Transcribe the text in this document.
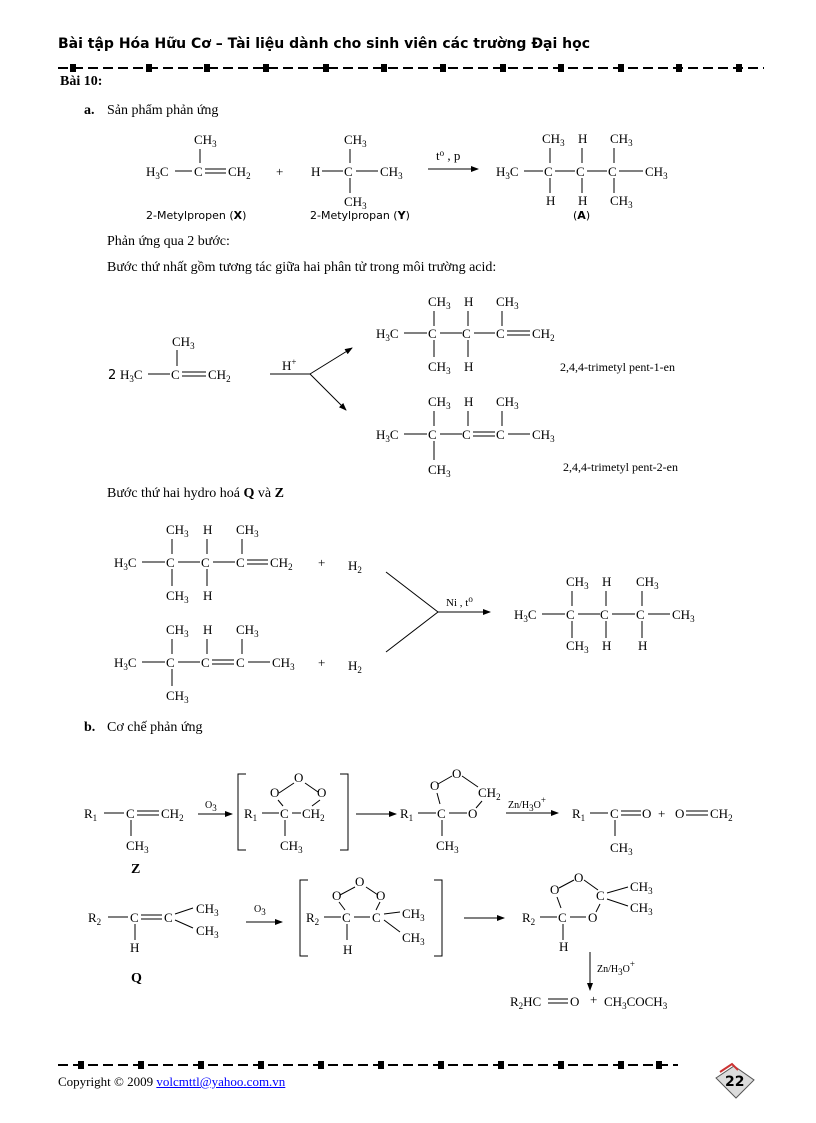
Bài tập Hóa Hữu Cơ – Tài liệu dành cho sinh viên các trường Đại học
Bài 10:
a. Sản phẩm phản ứng
2-Metylpropen (X)	2-Metylpropan (Y)	(A)
Phản ứng qua 2 bước:
Bước thứ nhất gồm tương tác giữa hai phân tử trong môi trường acid:
2,4,4-trimetyl pent-1-en
2,4,4-trimetyl pent-2-en
Bước thứ hai hydro hoá Q và Z
b. Cơ chế phản ứng
Z
Q
$CH_3$
$H_3C$ C $CH_2$ +
$CH_3$
H C $CH_3$
$CH_3$
$t^o$ , p
$H_3C$ C C C $CH_3$
$CH_3$ H $CH_3$
H H $CH_3$
$CH_3$
2 $H_3C$ C $CH_2$
H+
$CH_3$ H $CH_3$
$H_3C$ C C C $CH_2$
$CH_3$ H
$CH_3$ H $CH_3$
$H_3C$ C C C $CH_3$
$CH_3$
$CH_3$ H $CH_3$
$H_3C$ C C C $CH_2$
$CH_3$ H
+ $H_2$
$CH_3$ H $CH_3$
$H_3C$ C C C $CH_3$
$CH_3$
+ $H_2$
Ni , $t^o$
$CH_3$ H $CH_3$
$H_3C$ C C C $CH_3$
$CH_3$ H H
$R_1$ C $CH_2$
$CH_3$
O3 $R_1$ C $CH_2$
$CH_3$
O
O
O
$R_1$ C O
$CH_3$
O
O
$CH_2$
Zn/H3O+
$R_1$ C O + O $CH_2$
$CH_3$
$R_2$ C C
$CH_3$
$CH_3$
H
O3	$R_2$ C C $CH_3$
$CH_3$
H
O
O
O
$R_2$ C O
H
O
O
C
$CH_3$
$CH_3$
Zn/H3O+
$R_2HC$ $O + CH_3COCH_3$
Copyright © 2009 volcmttl@yahoo.com.vn	22
